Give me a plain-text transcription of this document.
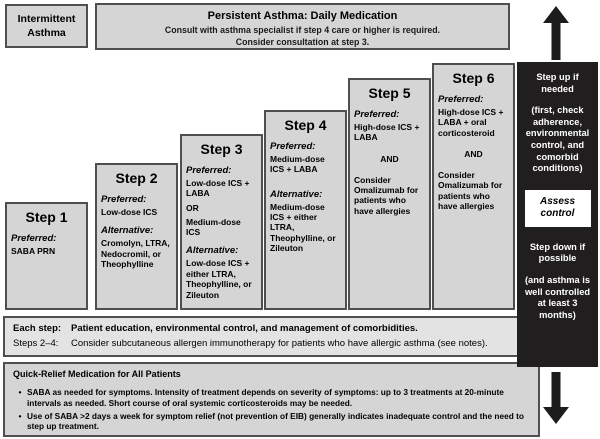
Intermittent Asthma
Persistent Asthma: Daily Medication
Consult with asthma specialist if step 4 care or higher is required.
Consider consultation at step 3.
Step 1
Preferred:
SABA PRN
Step 2
Preferred:
Low-dose ICS
Alternative:
Cromolyn, LTRA, Nedocromil, or Theophylline
Step 3
Preferred:
Low-dose ICS + LABA
OR
Medium-dose ICS
Alternative:
Low-dose ICS + either LTRA, Theophylline, or Zileuton
Step 4
Preferred:
Medium-dose ICS + LABA
Alternative:
Medium-dose ICS + either LTRA, Theophylline, or Zileuton
Step 5
Preferred:
High-dose ICS + LABA
AND
Consider Omalizumab for patients who have allergies
Step 6
Preferred:
High-dose ICS + LABA + oral corticosteroid
AND
Consider Omalizumab for patients who have allergies
Each step:	Patient education, environmental control, and management of comorbidities.
Steps 2–4:	Consider subcutaneous allergen immunotherapy for patients who have allergic asthma (see notes).
Quick-Relief Medication for All Patients
• SABA as needed for symptoms. Intensity of treatment depends on severity of symptoms: up to 3 treatments at 20-minute intervals as needed. Short course of oral systemic corticosteroids may be needed.
• Use of SABA >2 days a week for symptom relief (not prevention of EIB) generally indicates inadequate control and the need to step up treatment.
Step up if needed
(first, check adherence, environmental control, and comorbid conditions)
Assess control
Step down if possible
(and asthma is well controlled at least 3 months)
